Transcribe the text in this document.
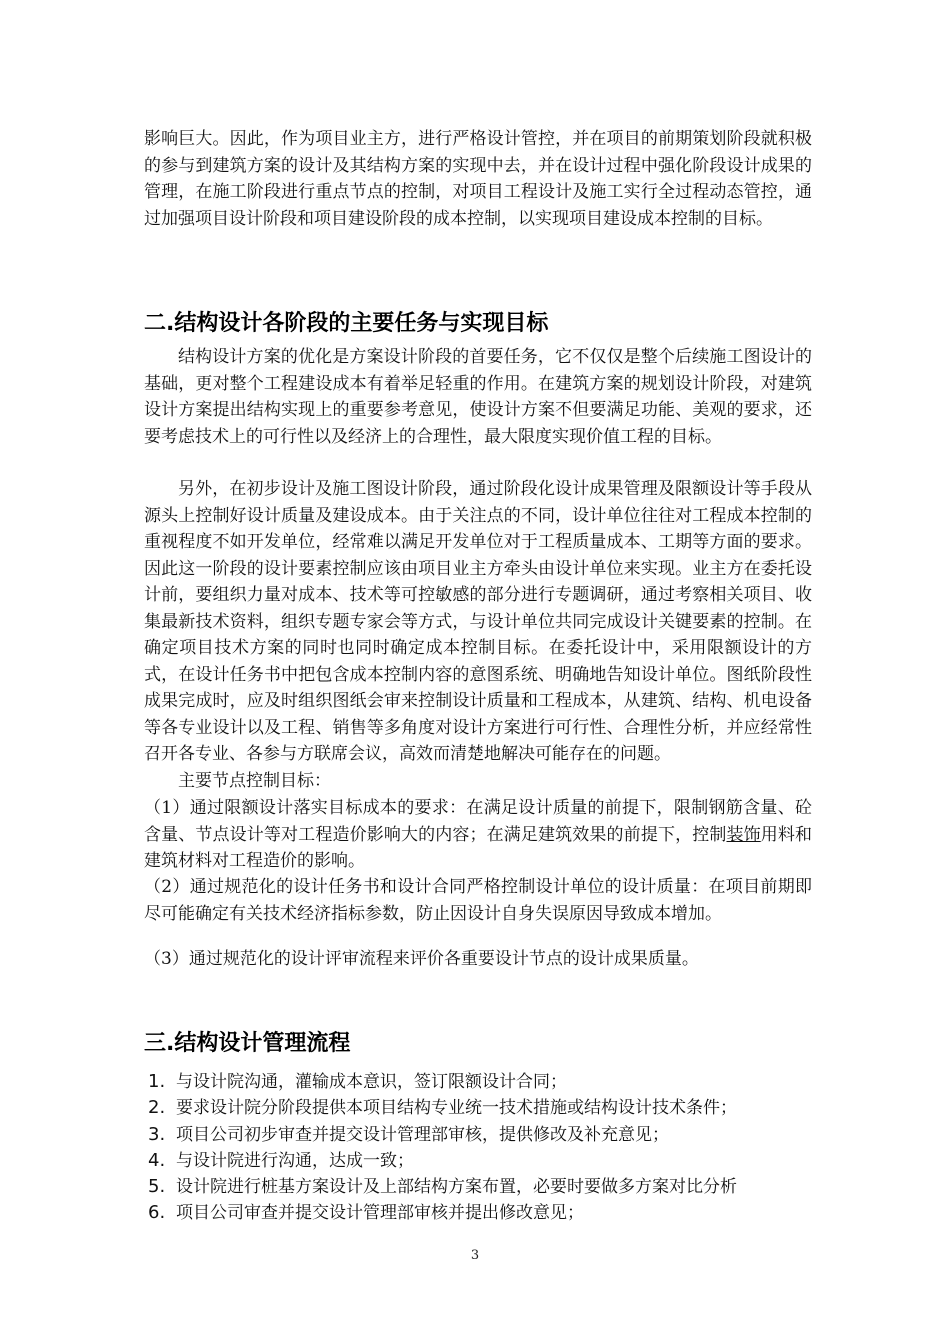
影响巨大。因此，作为项目业主方，进行严格设计管控，并在项目的前期策划阶段就积极的参与到建筑方案的设计及其结构方案的实现中去，并在设计过程中强化阶段设计成果的管理，在施工阶段进行重点节点的控制，对项目工程设计及施工实行全过程动态管控，通过加强项目设计阶段和项目建设阶段的成本控制，以实现项目建设成本控制的目标。

二.结构设计各阶段的主要任务与实现目标

结构设计方案的优化是方案设计阶段的首要任务，它不仅仅是整个后续施工图设计的基础，更对整个工程建设成本有着举足轻重的作用。在建筑方案的规划设计阶段，对建筑设计方案提出结构实现上的重要参考意见，使设计方案不但要满足功能、美观的要求，还要考虑技术上的可行性以及经济上的合理性，最大限度实现价值工程的目标。

另外，在初步设计及施工图设计阶段，通过阶段化设计成果管理及限额设计等手段从源头上控制好设计质量及建设成本。由于关注点的不同，设计单位往往对工程成本控制的重视程度不如开发单位，经常难以满足开发单位对于工程质量成本、工期等方面的要求。因此这一阶段的设计要素控制应该由项目业主方牵头由设计单位来实现。业主方在委托设计前，要组织力量对成本、技术等可控敏感的部分进行专题调研，通过考察相关项目、收集最新技术资料，组织专题专家会等方式，与设计单位共同完成设计关键要素的控制。在确定项目技术方案的同时也同时确定成本控制目标。在委托设计中，采用限额设计的方式，在设计任务书中把包含成本控制内容的意图系统、明确地告知设计单位。图纸阶段性成果完成时，应及时组织图纸会审来控制设计质量和工程成本，从建筑、结构、机电设备等各专业设计以及工程、销售等多角度对设计方案进行可行性、合理性分析，并应经常性召开各专业、各参与方联席会议，高效而清楚地解决可能存在的问题。

主要节点控制目标：

（1）通过限额设计落实目标成本的要求：在满足设计质量的前提下，限制钢筋含量、砼含量、节点设计等对工程造价影响大的内容；在满足建筑效果的前提下，控制装饰用料和建筑材料对工程造价的影响。

（2）通过规范化的设计任务书和设计合同严格控制设计单位的设计质量：在项目前期即尽可能确定有关技术经济指标参数，防止因设计自身失误原因导致成本增加。

（3）通过规范化的设计评审流程来评价各重要设计节点的设计成果质量。

三.结构设计管理流程
1. 与设计院沟通，灌输成本意识，签订限额设计合同；
2. 要求设计院分阶段提供本项目结构专业统一技术措施或结构设计技术条件；
3. 项目公司初步审查并提交设计管理部审核，提供修改及补充意见；
4. 与设计院进行沟通，达成一致；
5. 设计院进行桩基方案设计及上部结构方案布置，必要时要做多方案对比分析
6. 项目公司审查并提交设计管理部审核并提出修改意见；
3
